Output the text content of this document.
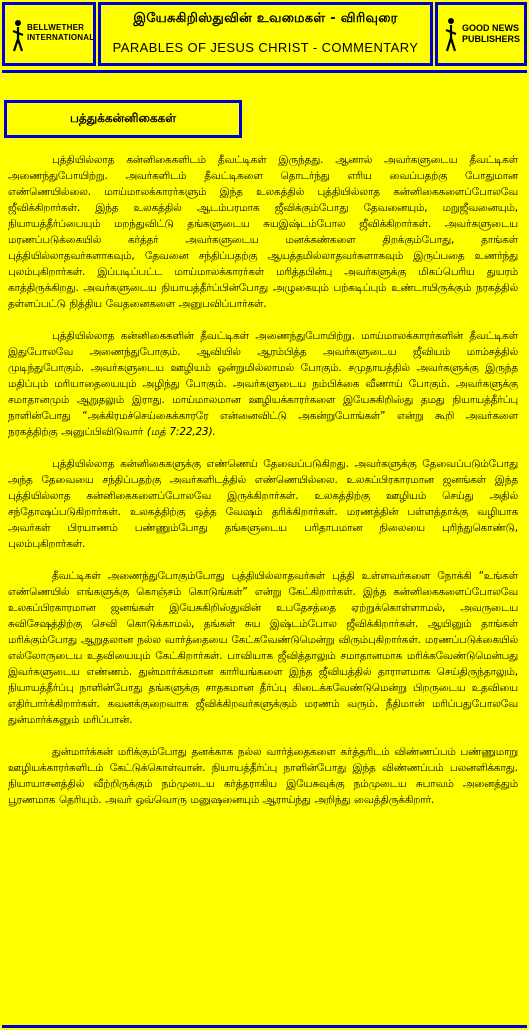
BELLWETHER INTERNATIONAL
இயேசுகிறிஸ்துவின் உவமைகள் - விரிவுரை
PARABLES OF JESUS CHRIST - COMMENTARY
GOOD NEWS PUBLISHERS
பத்துக்கன்னிகைகள்

புத்தியில்லாத கன்னிகைகளிடம் தீவட்டிகள் இருந்தது. ஆனால் அவர்களுடைய தீவட்டிகள் அணைந்துபோயிற்று. அவர்களிடம் தீவட்டிகளை தொடர்ந்து எரிய வைப்பதற்கு போதுமான எண்ணெயில்லை. மாய்மாலக்காரர்களும் இந்த உலகத்தில் புத்தியில்லாத கன்னிகைகளைப்போலவே ஜீவிக்கிறார்கள். இந்த உலகத்தில் ஆடம்பரமாக ஜீவிக்கும்போது தேவனையும், மறுஜீவனையும், நியாயத்தீர்ப்பையும் மறந்துவிட்டு தங்களுடைய சுயஇஷ்டம்போல ஜீவிக்கிறார்கள். அவர்களுடைய மரணப்படுக்கையில் கர்த்தர் அவர்களுடைய மனக்கண்களை திறக்கும்போது, தாங்கள் புத்தியில்லாதவர்களாகவும், தேவனை சந்திப்பதற்கு ஆயத்தமில்லாதவர்களாகவும் இருப்பதை உணர்ந்து புலம்புகிறார்கள். இப்படிப்பட்ட மாய்மாலக்காரர்கள் மரித்தபின்பு அவர்களுக்கு மிகப்பெரிய துயரம் காத்திருக்கிறது. அவர்களுடைய நியாயத்தீர்ப்பின்போது அழுகையும் பற்கடிப்பும் உண்டாயிருக்கும் நரகத்தில் தள்ளப்பட்டு நித்திய வேதனைகளை அனுபவிப்பார்கள்.

புத்தியில்லாத கன்னிகைகளின் தீவட்டிகள் அணைந்துபோயிற்று. மாய்மாலக்காரர்களின் தீவட்டிகள் இதுபோலவே அணைந்துபோகும். ஆவியில் ஆரம்பித்த அவர்களுடைய ஜீவியம் மாம்சத்தில் முடிந்துபோகும். அவர்களுடைய ஊழியம் ஒன்றுமில்லாமல் போகும். சமுதாயத்தில் அவர்களுக்கு இருந்த மதிப்பும் மரியாதையையும் அழிந்து போகும். அவர்களுடைய நம்பிக்கை வீணாய் போகும். அவர்களுக்கு சமாதானமும் ஆறுதலும் இராது. மாய்மாலமான ஊழியக்காரர்களை இயேசுகிறிஸ்து தமது நியாயத்தீர்ப்பு நாளின்போது “அக்கிரமச்செய்கைக்காரரே என்னைவிட்டு அகன்றுபோங்கள்” என்று கூறி அவர்களை நரகத்திற்கு அனுப்பிவிடுவார் (மத் 7:22,23).

புத்தியில்லாத கன்னிகைகளுக்கு எண்ணெய் தேவைப்படுகிறது. அவர்களுக்கு தேவைப்படும்போது அந்த தேவையை சந்திப்பதற்கு அவர்களிடத்தில் எண்ணெயில்லை. உலகப்பிரகாரமான ஜனங்கள் இந்த புத்தியில்லாத கன்னிகைகளைப்போலவே இருக்கிறார்கள். உலகத்திற்கு ஊழியம் செய்து அதில் சந்தோஷப்படுகிறார்கள். உலகத்திற்கு ஒத்த வேஷம் தரிக்கிறார்கள். மரணத்தின் பள்ளத்தாக்கு வழியாக அவர்கள் பிரயாணம் பண்ணும்போது தங்களுடைய பரிதாபமான நிலையை புரிந்துகொண்டு, புலம்புகிறார்கள்.

தீவட்டிகள் அணைந்துபோகும்போது புத்தியில்லாதவர்கள் புத்தி உள்ளவர்களை நோக்கி “உங்கள் எண்ணெயில் எங்களுக்கு கொஞ்சம் கொடுங்கள்” என்று கேட்கிறார்கள். இந்த கன்னிகைகளைப்போலவே உலகப்பிரகாரமான ஜனங்கள் இயேசுகிறிஸ்துவின் உபதேசத்தை ஏற்றுக்கொள்ளாமல், அவருடைய சுவிசேஷத்திற்கு செவி கொடுக்காமல், தங்கள் சுய இஷ்டம்போல ஜீவிக்கிறார்கள். ஆயினும் தாங்கள் மரிக்கும்போது ஆறுதலான நல்ல வார்த்தையை கேட்கவேண்டுமென்று விரும்புகிறார்கள். மரணப்படுக்கையில் எல்லோருடைய உதவியையும் கேட்கிறார்கள். பாவியாக ஜீவித்தாலும் சமாதானமாக மரிக்கவேண்டுமென்பது இவர்களுடைய எண்ணம். துன்மார்க்கமான காரியங்களை இந்த ஜீவியத்தில் தாராளமாக செய்திருந்தாலும், நியாயத்தீர்ப்பு நாளின்போது தங்களுக்கு சாதகமான தீர்ப்பு கிடைக்கவேண்டுமென்று பிறருடைய உதவியை எதிர்பார்க்கிறார்கள். கவனக்குறைவாக ஜீவிக்கிறவர்களுக்கும் மரணம் வரும். நீதிமான் மரிப்பதுபோலவே துன்மார்க்கனும் மரிப்பான்.

துன்மார்க்கன் மரிக்கும்போது தனக்காக நல்ல வார்த்தைகளை கர்த்தரிடம் விண்ணப்பம் பண்ணுமாறு ஊழியக்காரர்களிடம் கேட்டுக்கொள்வான். நியாயத்தீர்ப்பு நாளின்போது இந்த விண்ணப்பம் பலனளிக்காது. நியாயாசனத்தில் வீற்றிருக்கும் நம்முடைய கர்த்தராகிய இயேசுவுக்கு நம்முடைய சுபாவம் அனைத்தும் பூரணமாக தெரியும். அவர் ஒவ்வொரு மனுஷனையும் ஆராய்ந்து அறிந்து வைத்திருக்கிறார்.
